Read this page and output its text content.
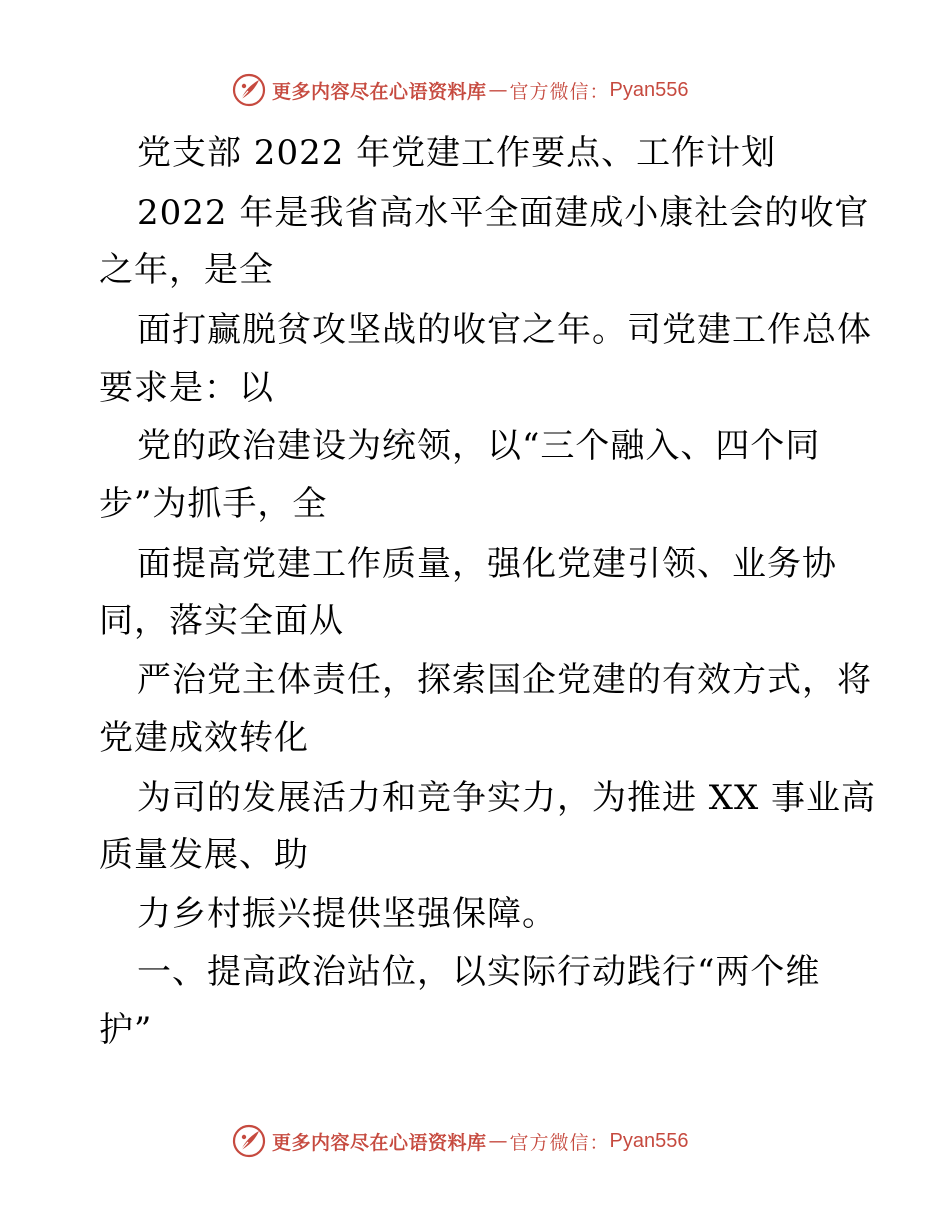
更多内容尽在心语资料库 — 官方微信： Pyan556
党支部 2022 年党建工作要点、工作计划
2022 年是我省高水平全面建成小康社会的收官
之年，是全
面打赢脱贫攻坚战的收官之年。司党建工作总体
要求是：以
党的政治建设为统领，以“三个融入、四个同
步”为抓手，全
面提高党建工作质量，强化党建引领、业务协
同，落实全面从
严治党主体责任，探索国企党建的有效方式，将
党建成效转化
为司的发展活力和竞争实力，为推进 XX 事业高
质量发展、助
力乡村振兴提供坚强保障。
一、提高政治站位，以实际行动践行“两个维
护”
更多内容尽在心语资料库 — 官方微信： Pyan556
